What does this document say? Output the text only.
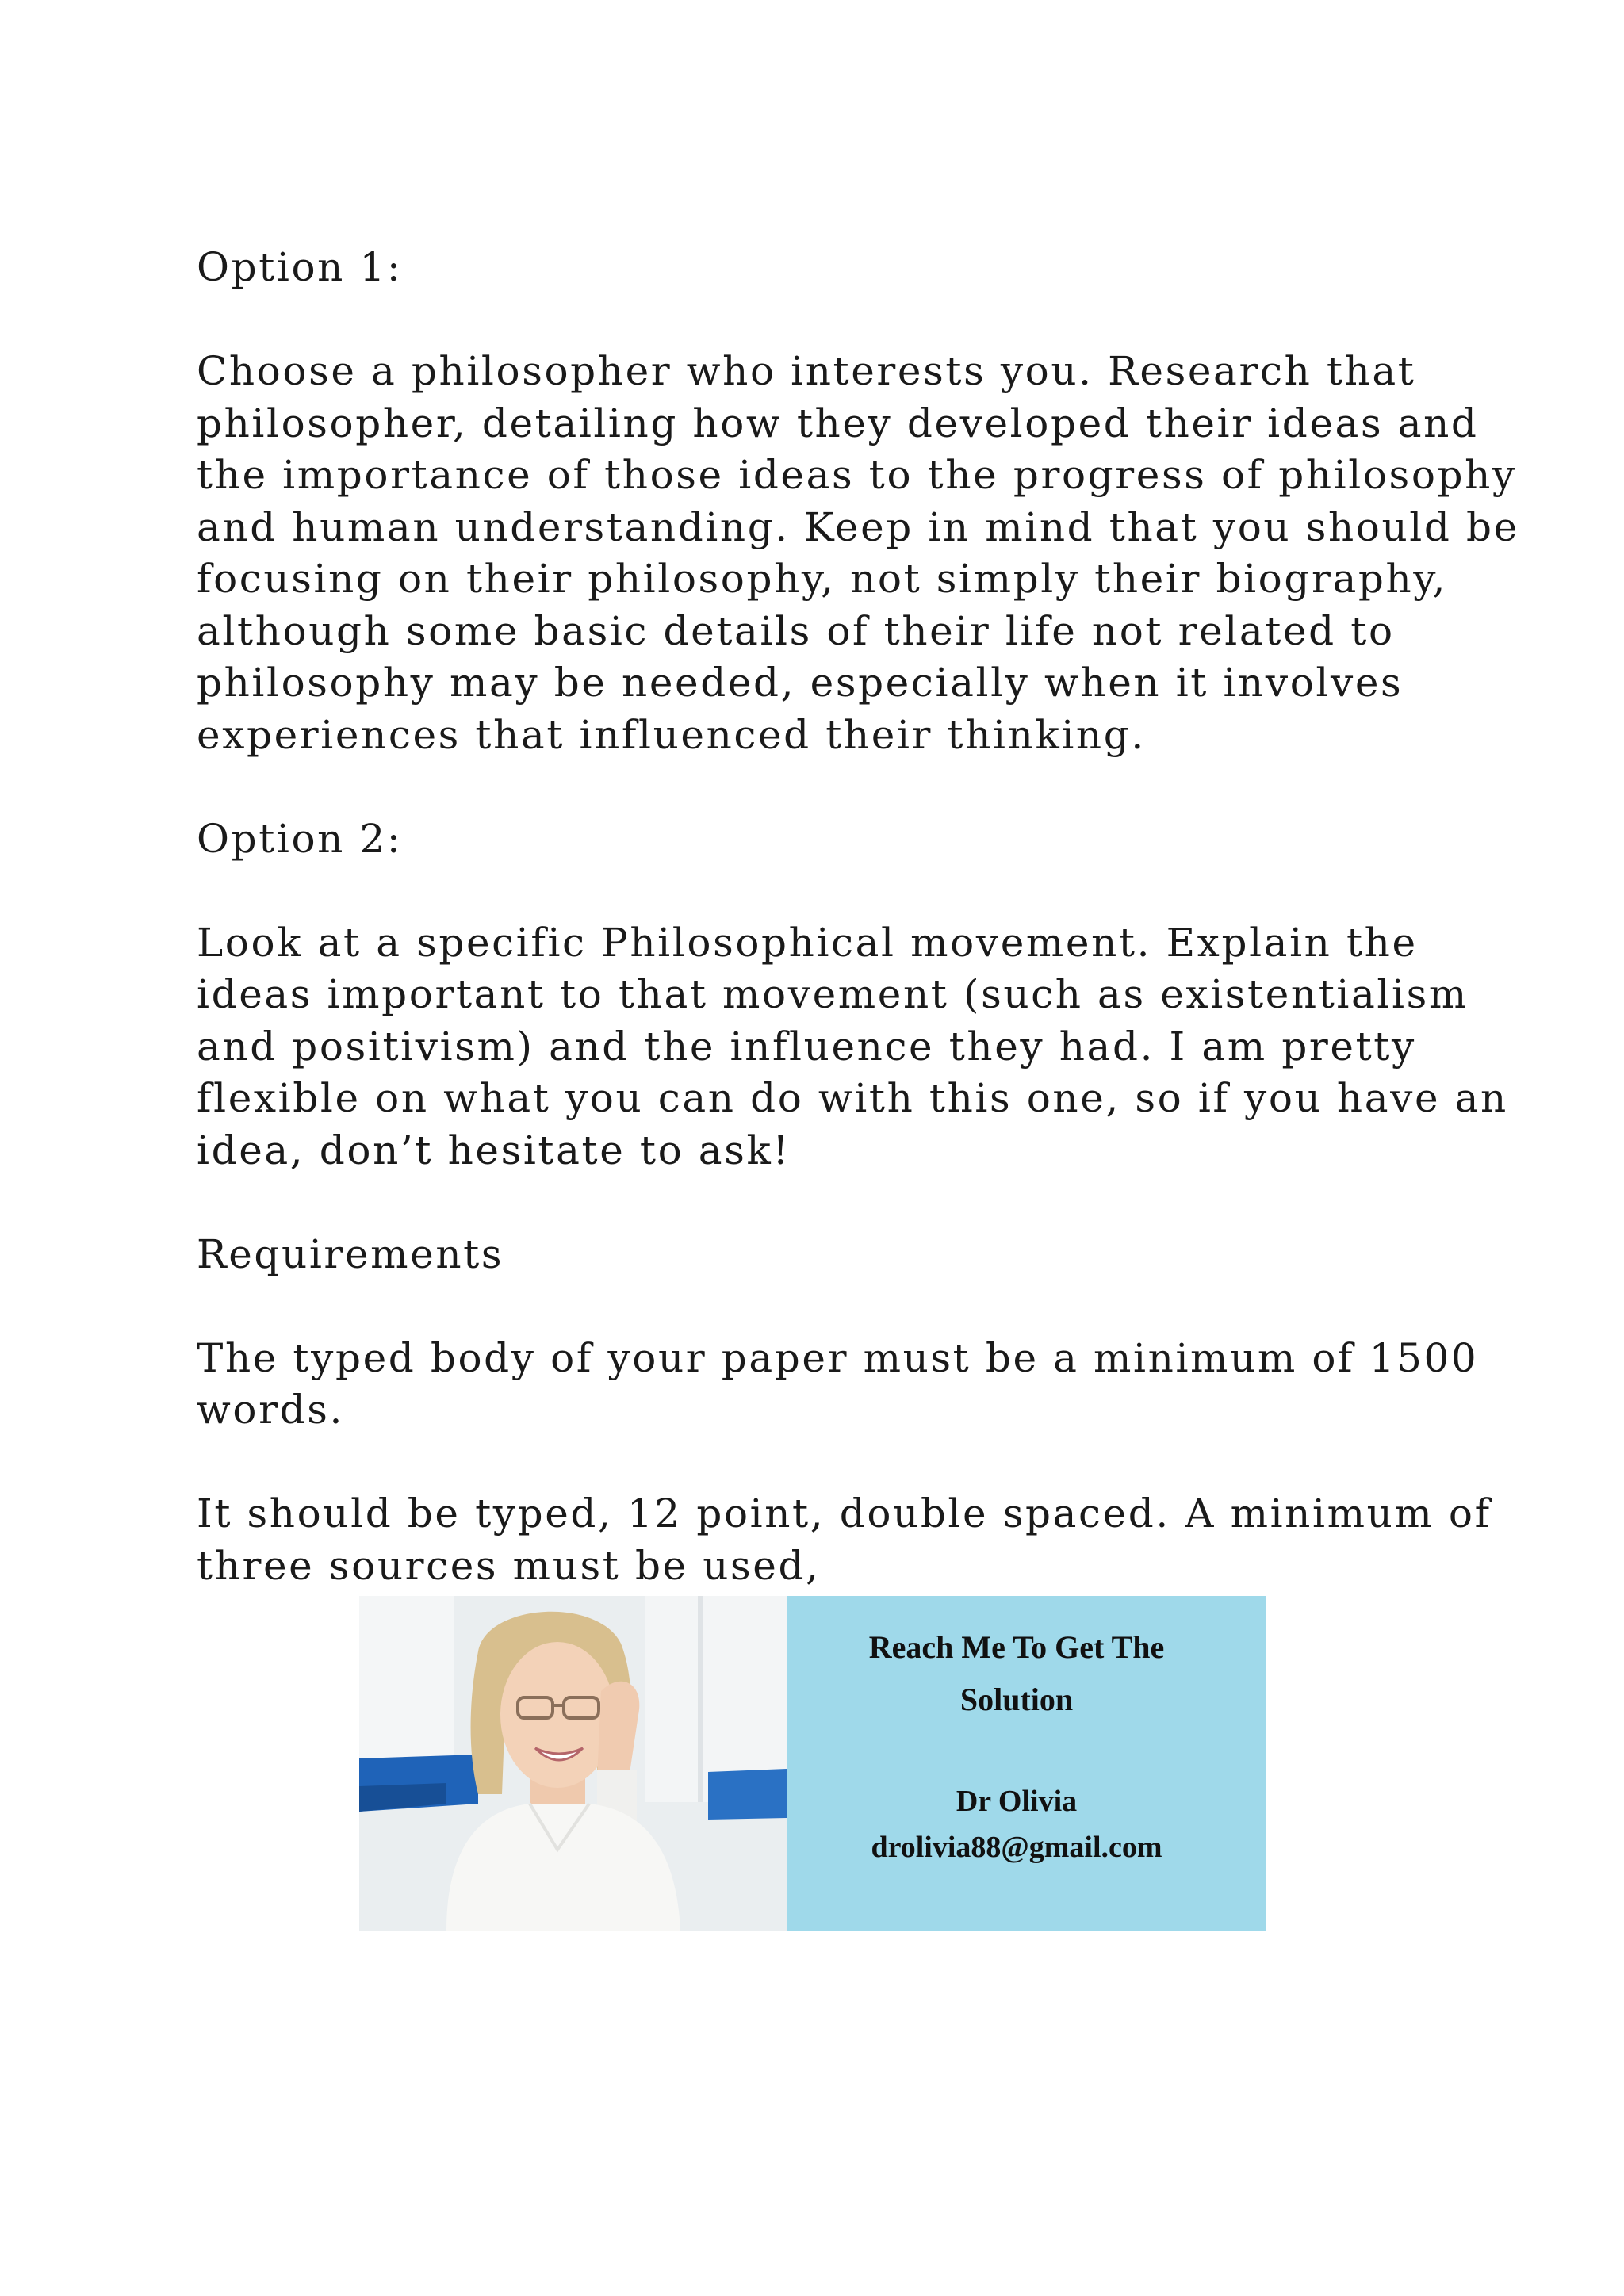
Option 1:

Choose a philosopher who interests you. Research that philosopher, detailing how they developed their ideas and the importance of those ideas to the progress of philosophy and human understanding. Keep in mind that you should be focusing on their philosophy, not simply their biography, although some basic details of their life not related to philosophy may be needed, especially when it involves experiences that influenced their thinking.

Option 2:

Look at a specific Philosophical movement. Explain the ideas important to that movement (such as existentialism and positivism) and the influence they had. I am pretty flexible on what you can do with this one, so if you have an idea, don’t hesitate to ask!

Requirements

The typed body of your paper must be a minimum of 1500 words.

It should be typed, 12 point, double spaced. A minimum of three sources must be used,

Reach Me To Get The
Solution
Dr Olivia
drolivia88@gmail.com
